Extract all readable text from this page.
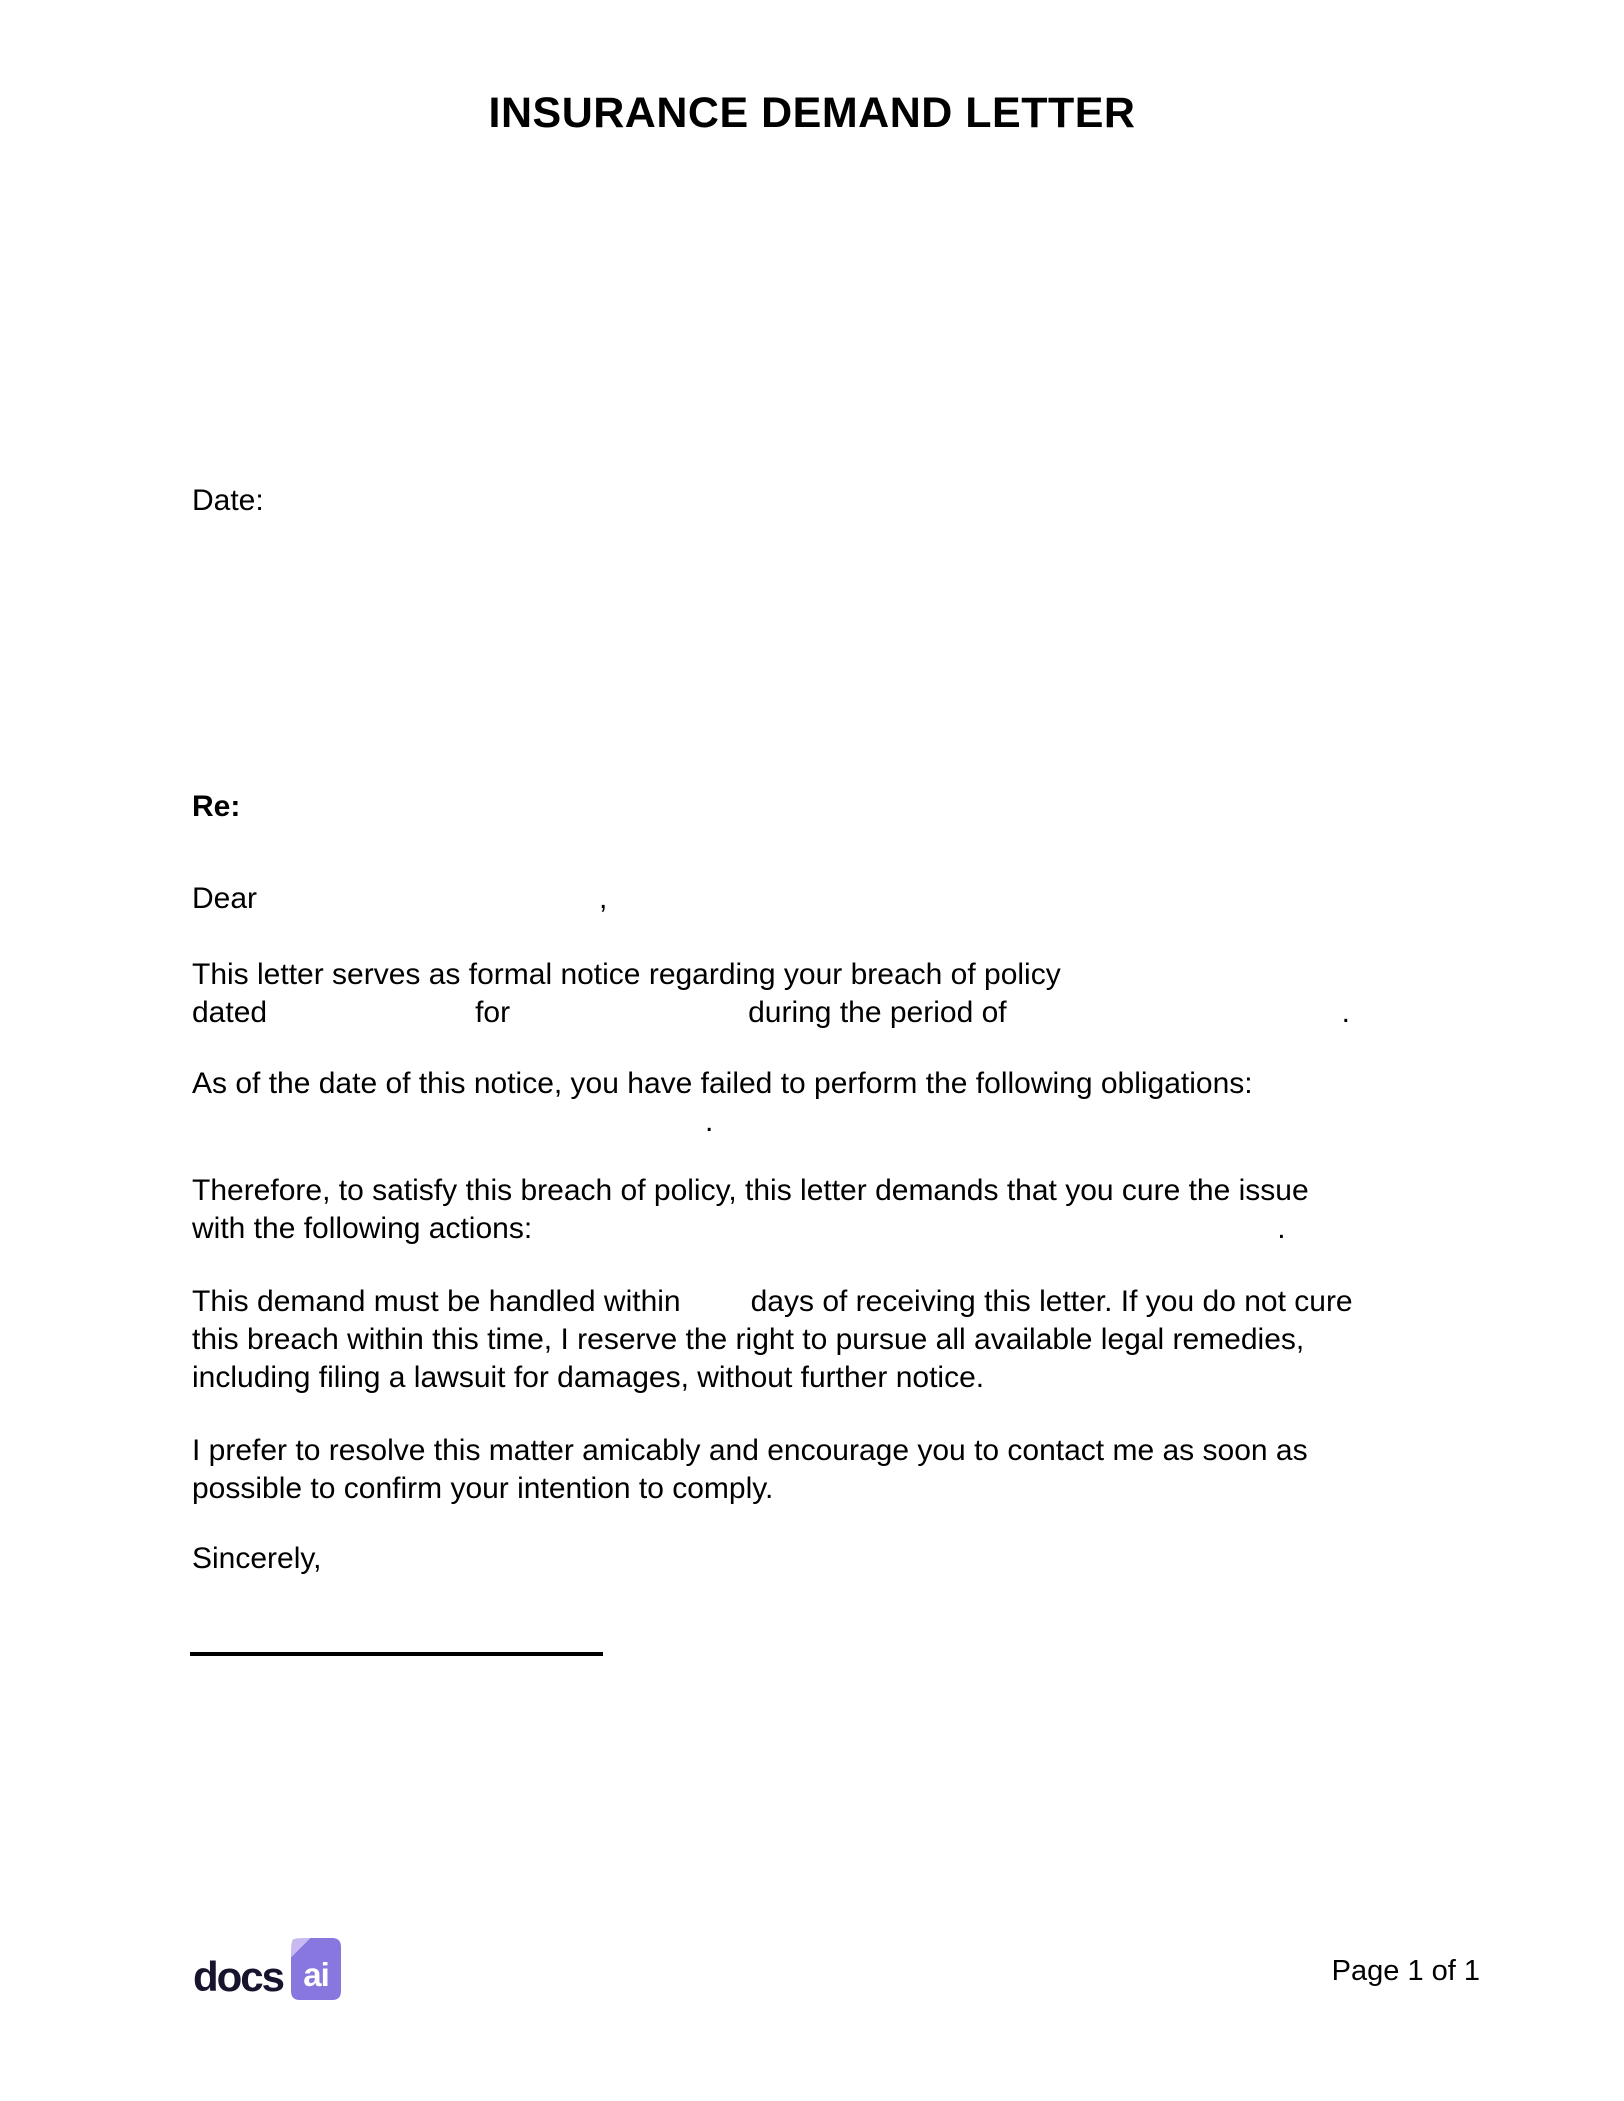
INSURANCE DEMAND LETTER
Date:
Re:
Dear	,
This letter serves as formal notice regarding your breach of policy
dated	for	during the period of	.
As of the date of this notice, you have failed to perform the following obligations:
.
Therefore, to satisfy this breach of policy, this letter demands that you cure the issue
with the following actions:	.
This demand must be handled within days of receiving this letter. If you do not cure
this breach within this time, I reserve the right to pursue all available legal remedies,
including filing a lawsuit for damages, without further notice.
I prefer to resolve this matter amicably and encourage you to contact me as soon as
possible to confirm your intention to comply.
Sincerely,
docs ai	Page 1 of 1
